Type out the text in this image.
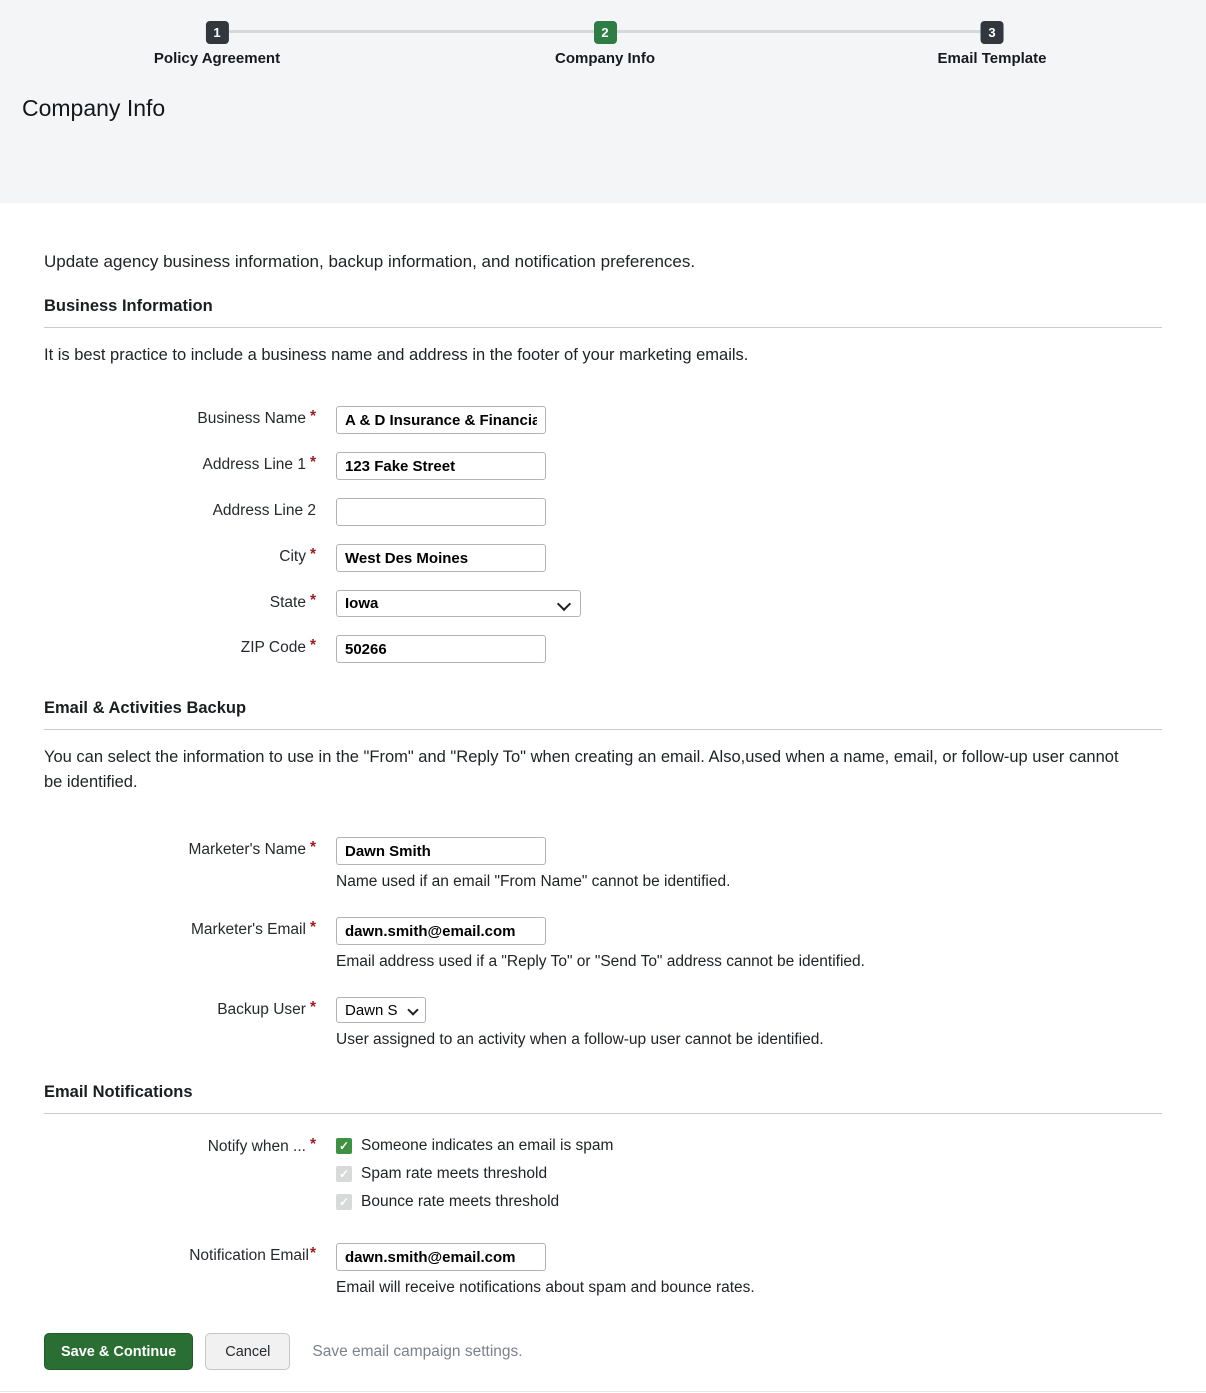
1
Policy Agreement
2
Company Info
3
Email Template
Company Info

Update agency business information, backup information, and notification preferences.

Business Information

It is best practice to include a business name and address in the footer of your marketing emails.

Business Name *
A & D Insurance & Financial
Address Line 1 *
123 Fake Street
Address Line 2
City *
West Des Moines
State *
Iowa
ZIP Code *
50266
Email & Activities Backup

You can select the information to use in the "From" and "Reply To" when creating an email. Also,used when a name, email, or follow-up user cannot be identified.

Marketer's Name *
Dawn Smith
Name used if an email "From Name" cannot be identified.
Marketer's Email *
dawn.smith@email.com
Email address used if a "Reply To" or "Send To" address cannot be identified.
Backup User *
Dawn Smith
User assigned to an activity when a follow-up user cannot be identified.
Email Notifications
Notify when ... * ✓ Someone indicates an email is spam
✓ Spam rate meets threshold
✓ Bounce rate meets threshold
Notification Email*
dawn.smith@email.com
Email will receive notifications about spam and bounce rates.
Save & Continue	Cancel	Save email campaign settings.
